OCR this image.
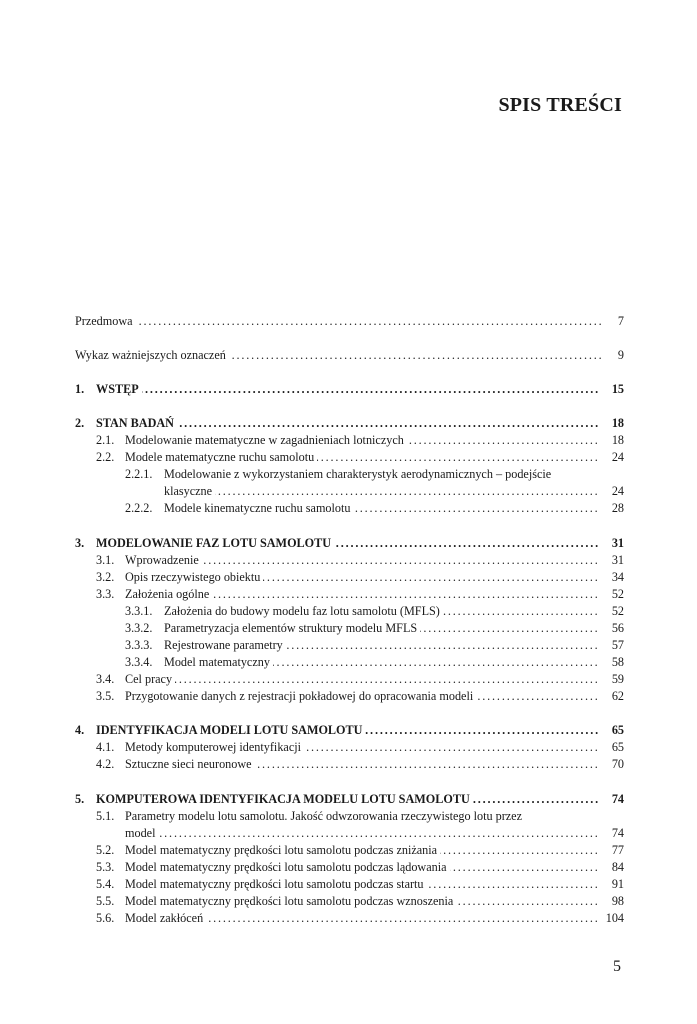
SPIS TREŚCI
Przedmowa . . .	7
Wykaz ważniejszych oznaczeń . . .	9
1. WSTĘP . . .	15
2. STAN BADAŃ . . .	18
2.1. Modelowanie matematyczne w zagadnieniach lotniczych . . .	18
2.2. Modele matematyczne ruchu samolotu . . .	24
2.2.1. Modelowanie z wykorzystaniem charakterystyk aerodynamicznych – podejście
klasyczne . . .	24
2.2.2. Modele kinematyczne ruchu samolotu . . .	28
3. MODELOWANIE FAZ LOTU SAMOLOTU . . .	31
3.1. Wprowadzenie . . .	31
3.2. Opis rzeczywistego obiektu . . .	34
3.3. Założenia ogólne . . .	52
3.3.1. Założenia do budowy modelu faz lotu samolotu (MFLS) . . .	52
3.3.2. Parametryzacja elementów struktury modelu MFLS . . .	56
3.3.3. Rejestrowane parametry . . .	57
3.3.4. Model matematyczny . . .	58
3.4. Cel pracy . . .	59
3.5. Przygotowanie danych z rejestracji pokładowej do opracowania modeli . . .	62
4. IDENTYFIKACJA MODELI LOTU SAMOLOTU . . .	65
4.1. Metody komputerowej identyfikacji . . .	65
4.2. Sztuczne sieci neuronowe . . .	70
5. KOMPUTEROWA IDENTYFIKACJA MODELU LOTU SAMOLOTU . . .	74
5.1. Parametry modelu lotu samolotu. Jakość odwzorowania rzeczywistego lotu przez
model . . .	74
5.2. Model matematyczny prędkości lotu samolotu podczas zniżania . . .	77
5.3. Model matematyczny prędkości lotu samolotu podczas lądowania . . .	84
5.4. Model matematyczny prędkości lotu samolotu podczas startu . . .	91
5.5. Model matematyczny prędkości lotu samolotu podczas wznoszenia . . .	98
5.6. Model zakłóceń . . .	104
5
